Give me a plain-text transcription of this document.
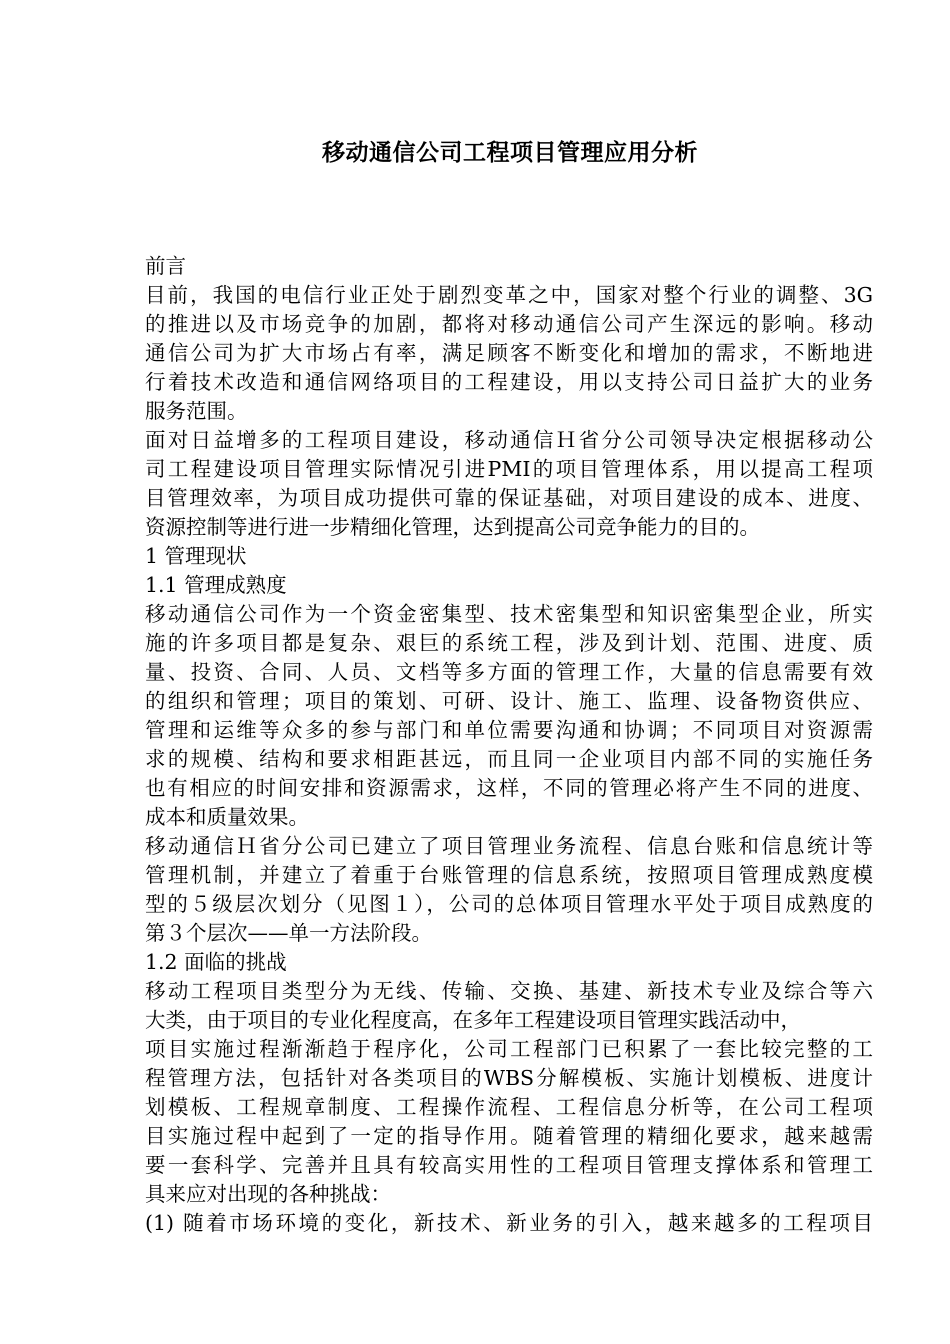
移动通信公司工程项目管理应用分析
前言
目前，我国的电信行业正处于剧烈变革之中，国家对整个行业的调整、3G
的推进以及市场竞争的加剧，都将对移动通信公司产生深远的影响。移动
通信公司为扩大市场占有率，满足顾客不断变化和增加的需求，不断地进
行着技术改造和通信网络项目的工程建设，用以支持公司日益扩大的业务
服务范围。
面对日益增多的工程项目建设，移动通信Ｈ省分公司领导决定根据移动公
司工程建设项目管理实际情况引进PMI的项目管理体系，用以提高工程项
目管理效率，为项目成功提供可靠的保证基础，对项目建设的成本、进度、
资源控制等进行进一步精细化管理，达到提高公司竞争能力的目的。
1 管理现状
1.1 管理成熟度
移动通信公司作为一个资金密集型、技术密集型和知识密集型企业，所实
施的许多项目都是复杂、艰巨的系统工程，涉及到计划、范围、进度、质
量、投资、合同、人员、文档等多方面的管理工作，大量的信息需要有效
的组织和管理；项目的策划、可研、设计、施工、监理、设备物资供应、
管理和运维等众多的参与部门和单位需要沟通和协调；不同项目对资源需
求的规模、结构和要求相距甚远，而且同一企业项目内部不同的实施任务
也有相应的时间安排和资源需求，这样，不同的管理必将产生不同的进度、
成本和质量效果。
移动通信Ｈ省分公司已建立了项目管理业务流程、信息台账和信息统计等
管理机制，并建立了着重于台账管理的信息系统，按照项目管理成熟度模
型的５级层次划分（见图１），公司的总体项目管理水平处于项目成熟度的
第３个层次——单一方法阶段。
1.2 面临的挑战
移动工程项目类型分为无线、传输、交换、基建、新技术专业及综合等六
大类，由于项目的专业化程度高，在多年工程建设项目管理实践活动中，
项目实施过程渐渐趋于程序化，公司工程部门已积累了一套比较完整的工
程管理方法，包括针对各类项目的WBS分解模板、实施计划模板、进度计
划模板、工程规章制度、工程操作流程、工程信息分析等，在公司工程项
目实施过程中起到了一定的指导作用。随着管理的精细化要求，越来越需
要一套科学、完善并且具有较高实用性的工程项目管理支撑体系和管理工
具来应对出现的各种挑战：
(1) 随着市场环境的变化，新技术、新业务的引入，越来越多的工程项目
